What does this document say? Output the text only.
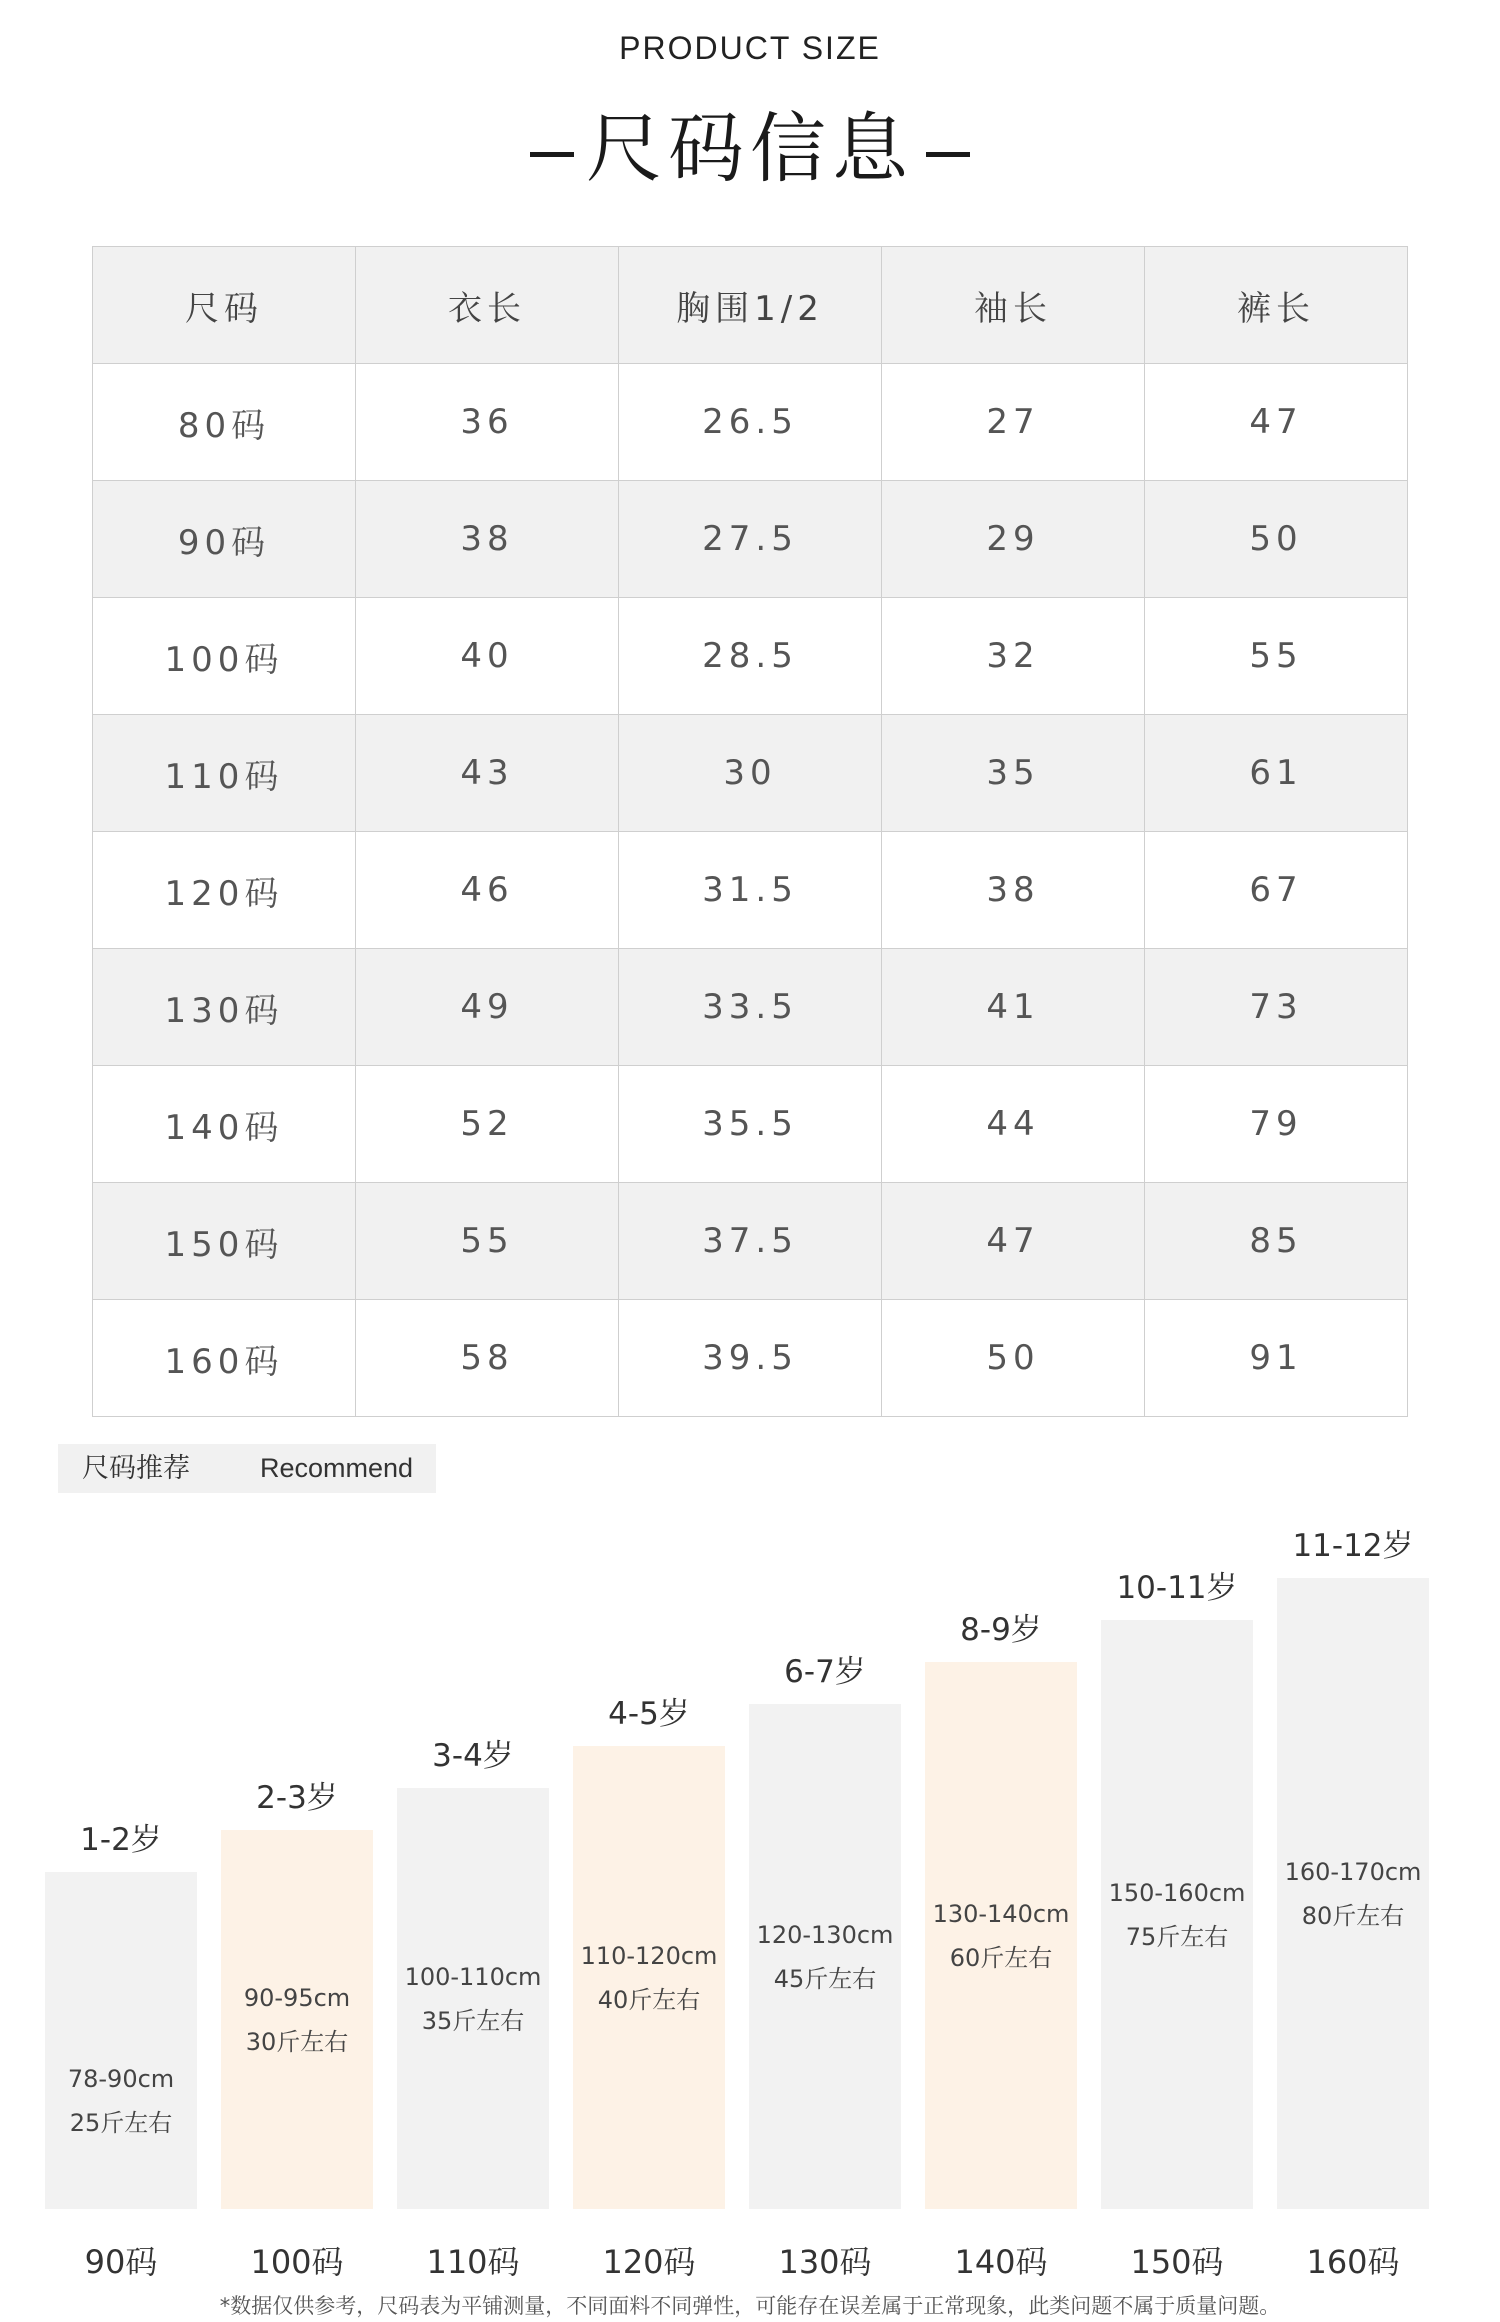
PRODUCT SIZE
尺码信息
尺码	衣长	胸围1/2	袖长	裤长
80码	36	26.5	27	47
90码	38	27.5	29	50
100码	40	28.5	32	55
110码	43	30	35	61
120码	46	31.5	38	67
130码	49	33.5	41	73
140码	52	35.5	44	79
150码	55	37.5	47	85
160码	58	39.5	50	91
尺码推荐	Recommend
1-2岁
78-90cm
25斤左右
90码
2-3岁
90-95cm
30斤左右
100码
3-4岁
100-110cm
35斤左右
110码
4-5岁
110-120cm
40斤左右
120码
6-7岁
120-130cm
45斤左右
130码
8-9岁
130-140cm
60斤左右
140码
10-11岁
150-160cm
75斤左右
150码
11-12岁
160-170cm
80斤左右
160码
*数据仅供参考，尺码表为平铺测量，不同面料不同弹性，可能存在误差属于正常现象，此类问题不属于质量问题。
